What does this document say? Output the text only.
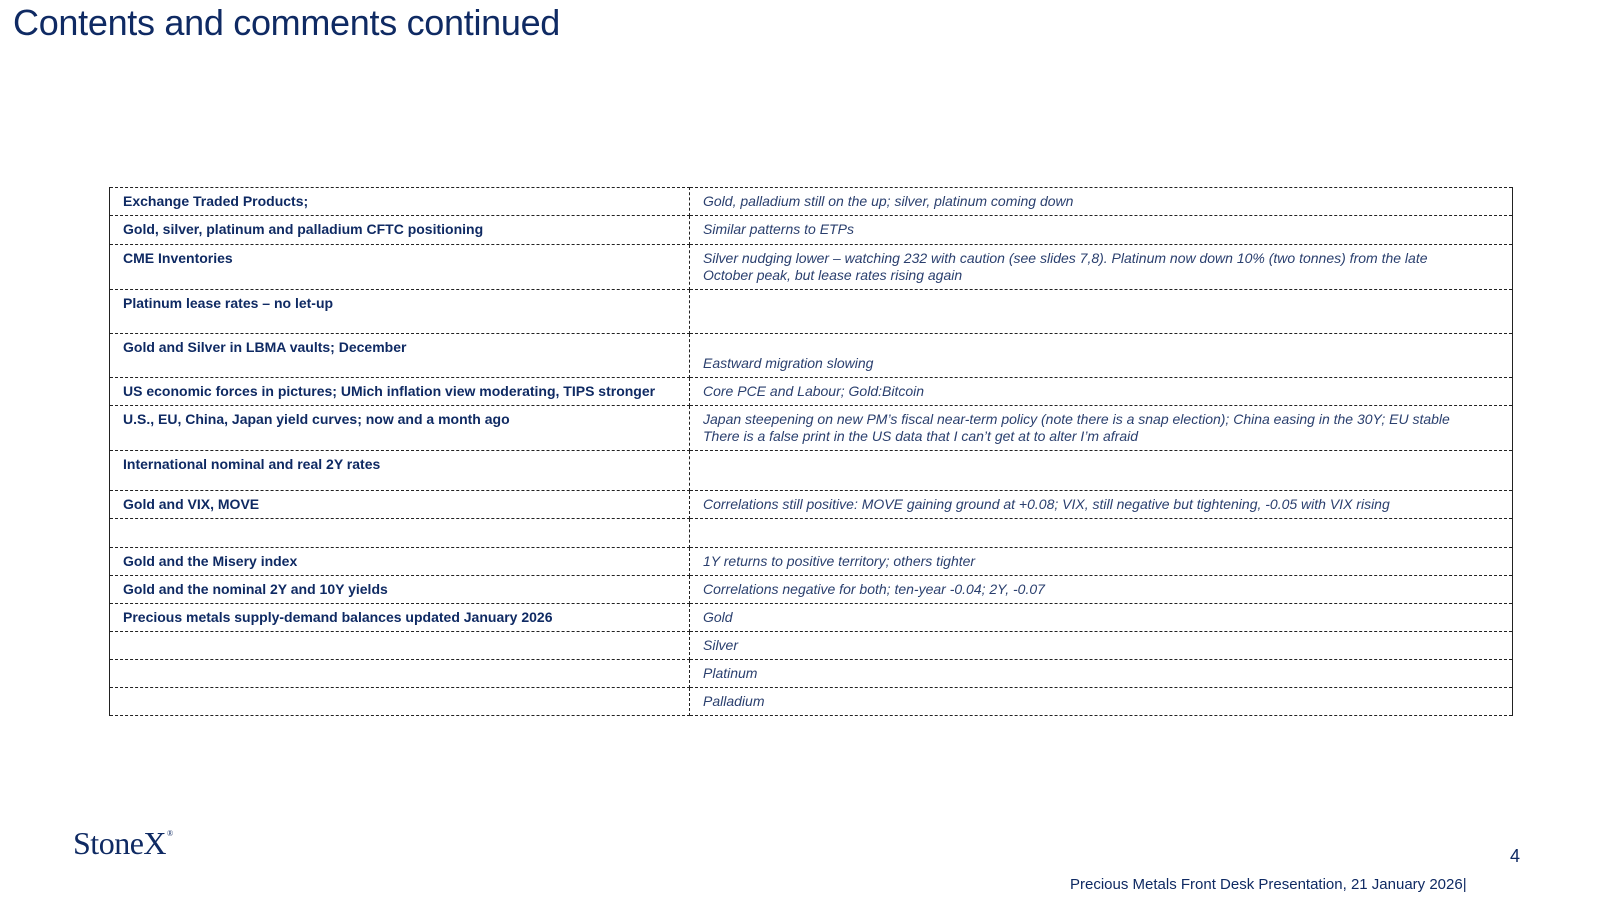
Contents and comments continued
Exchange Traded Products;	Gold, palladium still on the up; silver, platinum coming down
Gold, silver, platinum and palladium CFTC positioning	Similar patterns to ETPs
CME Inventories	Silver nudging lower – watching 232 with caution (see slides 7,8). Platinum now down 10% (two tonnes) from the late
October peak, but lease rates rising again

Platinum lease rates – no let-up	
Gold and Silver in LBMA vaults; December	Eastward migration slowing
US economic forces in pictures; UMich inflation view moderating, TIPS stronger	Core PCE and Labour; Gold:Bitcoin
U.S., EU, China, Japan yield curves; now and a month ago	Japan steepening on new PM’s fiscal near-term policy (note there is a snap election); China easing in the 30Y; EU stable
There is a false print in the US data that I can’t get at to alter I’m afraid

International nominal and real 2Y rates	
Gold and VIX, MOVE	Correlations still positive: MOVE gaining ground at +0.08; VIX, still negative but tightening, -0.05 with VIX rising

Gold and the Misery index	1Y returns to positive territory; others tighter
Gold and the nominal 2Y and 10Y yields	Correlations negative for both; ten-year -0.04; 2Y, -0.07
Precious metals supply-demand balances updated January 2026	Gold
	Silver
	Platinum
	Palladium
StoneX®
4
Precious Metals Front Desk Presentation, 21 January 2026|
